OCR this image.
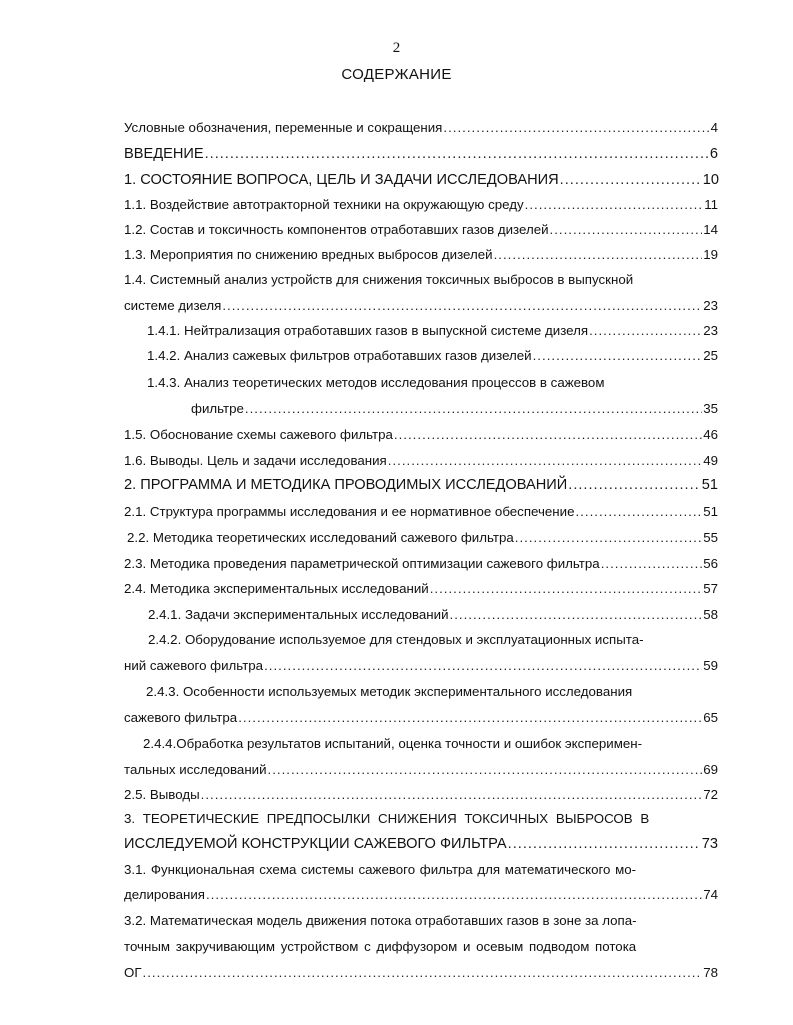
2
СОДЕРЖАНИЕ
Условные обозначения, переменные и сокращения .....	4
ВВЕДЕНИЕ .....	6
1. СОСТОЯНИЕ ВОПРОСА, ЦЕЛЬ И ЗАДАЧИ ИССЛЕДОВАНИЯ .....	10
1.1. Воздействие автотракторной техники на окружающую среду .....	11
1.2. Состав и токсичность компонентов отработавших газов дизелей .....	14
1.3. Мероприятия по снижению вредных выбросов дизелей .....	19
1.4. Системный анализ устройств для снижения токсичных выбросов в выпускной
системе дизеля .....	23
1.4.1. Нейтрализация отработавших газов в выпускной системе дизеля .....	23
1.4.2. Анализ сажевых фильтров отработавших газов дизелей .....	25
1.4.3. Анализ теоретических методов исследования процессов в сажевом
фильтре .....	35
1.5. Обоснование схемы сажевого фильтра .....	46
1.6. Выводы. Цель и задачи исследования .....	49
2. ПРОГРАММА И МЕТОДИКА ПРОВОДИМЫХ ИССЛЕДОВАНИЙ .....	51
2.1. Структура программы исследования и ее нормативное обеспечение .....	51
2.2. Методика теоретических исследований сажевого фильтра .....	55
2.3. Методика проведения параметрической оптимизации сажевого фильтра .....	56
2.4. Методика экспериментальных исследований .....	57
2.4.1. Задачи экспериментальных исследований .....	58
2.4.2. Оборудование используемое для стендовых и эксплуатационных испыта-
ний сажевого фильтра .....	59
2.4.3. Особенности используемых методик экспериментального исследования
сажевого фильтра .....	65
2.4.4.Обработка результатов испытаний, оценка точности и ошибок эксперимен-
тальных исследований .....	69
2.5. Выводы .....	72
3. ТЕОРЕТИЧЕСКИЕ ПРЕДПОСЫЛКИ СНИЖЕНИЯ ТОКСИЧНЫХ ВЫБРОСОВ В
ИССЛЕДУЕМОЙ КОНСТРУКЦИИ САЖЕВОГО ФИЛЬТРА .....	73
3.1. Функциональная схема системы сажевого фильтра для математического мо-
делирования .....	74
3.2. Математическая модель движения потока отработавших газов в зоне за лопа-
точным закручивающим устройством с диффузором и осевым подводом потока
ОГ .....	78
